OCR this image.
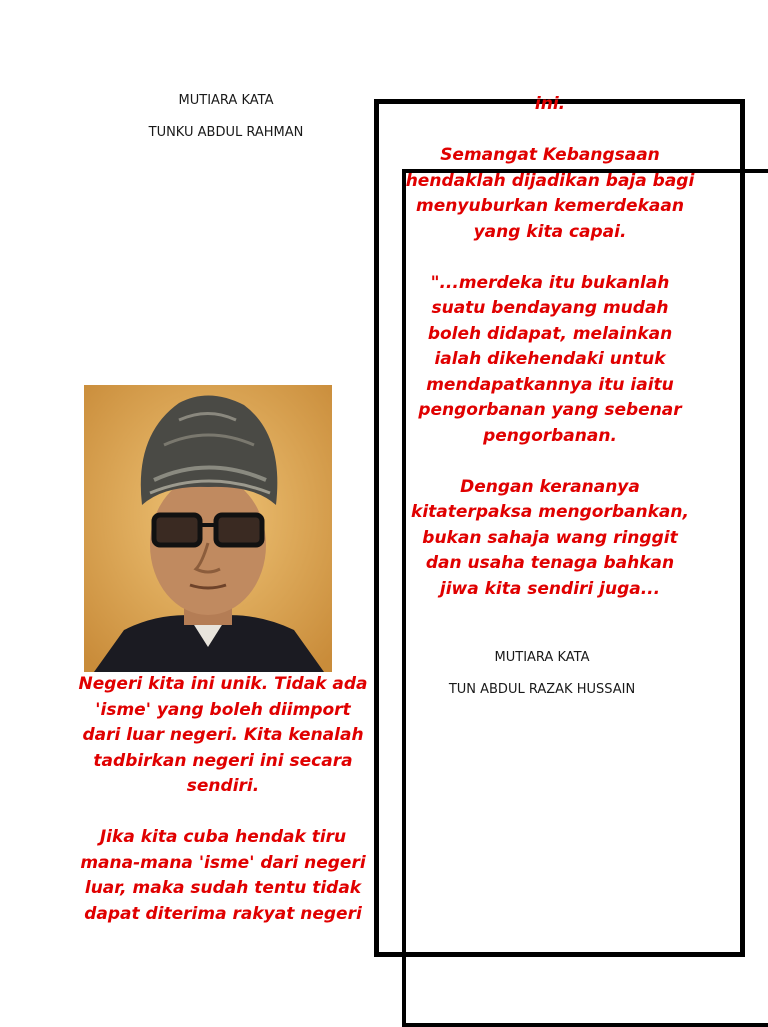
MUTIARA KATA
TUNKU ABDUL RAHMAN

Negeri kita ini unik. Tidak ada
'isme' yang boleh diimport
dari luar negeri. Kita kenalah
tadbirkan negeri ini secara
sendiri.

Jika kita cuba hendak tiru
mana-mana 'isme' dari negeri
luar, maka sudah tentu tidak
dapat diterima rakyat negeri

ini.

Semangat Kebangsaan
hendaklah dijadikan baja bagi
menyuburkan kemerdekaan
yang kita capai.

"...merdeka itu bukanlah
suatu bendayang mudah
boleh didapat, melainkan
ialah dikehendaki untuk
mendapatkannya itu iaitu
pengorbanan yang sebenar
pengorbanan.

Dengan kerananya
kitaterpaksa mengorbankan,
bukan sahaja wang ringgit
dan usaha tenaga bahkan
jiwa kita sendiri juga...

MUTIARA KATA
TUN ABDUL RAZAK HUSSAIN
